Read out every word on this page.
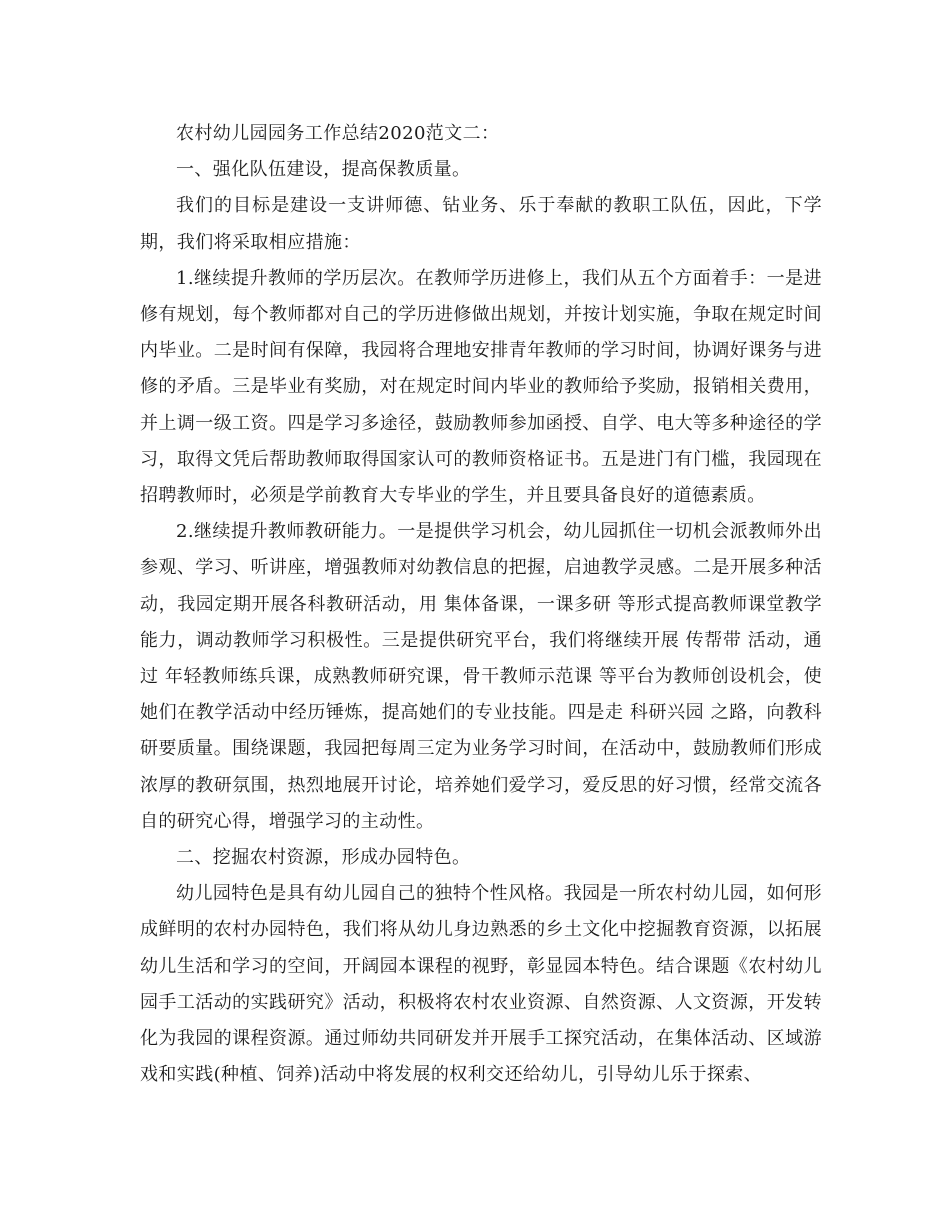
农村幼儿园园务工作总结2020范文二：

一、强化队伍建设，提高保教质量。

我们的目标是建设一支讲师德、钻业务、乐于奉献的教职工队伍，因此，下学期，我们将采取相应措施：

1.继续提升教师的学历层次。在教师学历进修上，我们从五个方面着手：一是进修有规划，每个教师都对自己的学历进修做出规划，并按计划实施，争取在规定时间内毕业。二是时间有保障，我园将合理地安排青年教师的学习时间，协调好课务与进修的矛盾。三是毕业有奖励，对在规定时间内毕业的教师给予奖励，报销相关费用，并上调一级工资。四是学习多途径，鼓励教师参加函授、自学、电大等多种途径的学习，取得文凭后帮助教师取得国家认可的教师资格证书。五是进门有门槛，我园现在招聘教师时，必须是学前教育大专毕业的学生，并且要具备良好的道德素质。

2.继续提升教师教研能力。一是提供学习机会，幼儿园抓住一切机会派教师外出参观、学习、听讲座，增强教师对幼教信息的把握，启迪教学灵感。二是开展多种活动，我园定期开展各科教研活动，用 集体备课，一课多研 等形式提高教师课堂教学能力，调动教师学习积极性。三是提供研究平台，我们将继续开展 传帮带 活动，通过 年轻教师练兵课，成熟教师研究课，骨干教师示范课 等平台为教师创设机会，使她们在教学活动中经历锤炼，提高她们的专业技能。四是走 科研兴园 之路，向教科研要质量。围绕课题，我园把每周三定为业务学习时间，在活动中，鼓励教师们形成浓厚的教研氛围，热烈地展开讨论，培养她们爱学习，爱反思的好习惯，经常交流各自的研究心得，增强学习的主动性。

二、挖掘农村资源，形成办园特色。

幼儿园特色是具有幼儿园自己的独特个性风格。我园是一所农村幼儿园，如何形成鲜明的农村办园特色，我们将从幼儿身边熟悉的乡土文化中挖掘教育资源，以拓展幼儿生活和学习的空间，开阔园本课程的视野，彰显园本特色。结合课题《农村幼儿园手工活动的实践研究》活动，积极将农村农业资源、自然资源、人文资源，开发转化为我园的课程资源。通过师幼共同研发并开展手工探究活动，在集体活动、区域游戏和实践(种植、饲养)活动中将发展的权利交还给幼儿，引导幼儿乐于探索、
